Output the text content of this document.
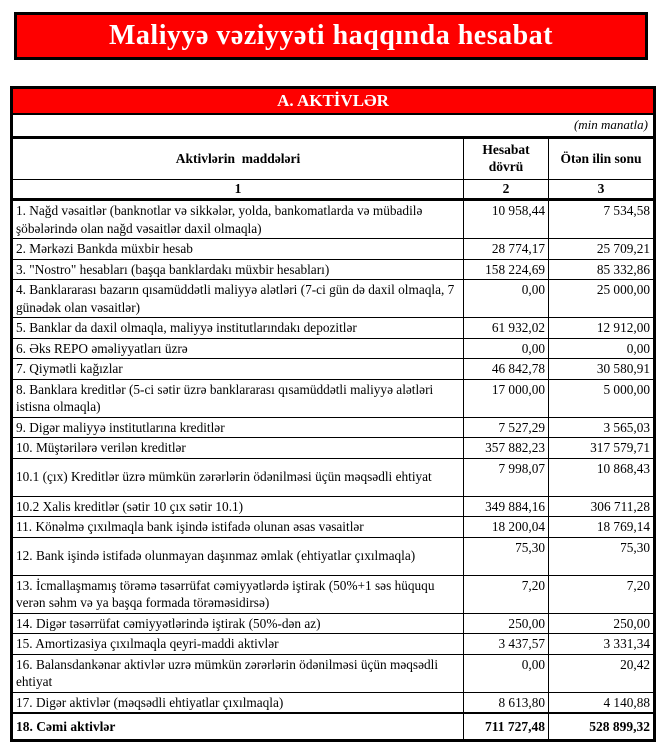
Maliyyə vəziyyəti haqqında hesabat
A. AKTİVLƏR		
(min manatla)		
Aktivlərin  maddələri	Hesabat dövrü	Ötən ilin sonu
1	2	3
1. Nağd vəsaitlər (banknotlar və sikkələr, yolda, bankomatlarda və mübadilə şöbələrində olan nağd vəsaitlər daxil olmaqla)	10 958,44	7 534,58
2. Mərkəzi Bankda müxbir hesab	28 774,17	25 709,21
3. "Nostro" hesabları (başqa banklardakı müxbir hesabları)	158 224,69	85 332,86
4. Banklararası bazarın qısamüddətli maliyyə alətləri (7-ci gün də daxil olmaqla, 7 günədək olan vəsaitlər)	0,00	25 000,00
5. Banklar da daxil olmaqla, maliyyə institutlarındakı depozitlər	61 932,02	12 912,00
6. Əks REPO əməliyyatları üzrə	0,00	0,00
7. Qiymətli kağızlar	46 842,78	30 580,91
8. Banklara kreditlər (5-ci sətir üzrə banklararası qısamüddətli maliyyə alətləri istisna olmaqla)	17 000,00	5 000,00
9. Digər maliyyə institutlarına kreditlər	7 527,29	3 565,03
10. Müştərilərə verilən kreditlər	357 882,23	317 579,71
10.1 (çıx) Kreditlər üzrə mümkün zərərlərin ödənilməsi üçün məqsədli ehtiyat	7 998,07	10 868,43
10.2 Xalis kreditlər (sətir 10 çıx sətir 10.1)	349 884,16	306 711,28
11. Könəlmə çıxılmaqla bank işində istifadə olunan əsas vəsaitlər	18 200,04	18 769,14
12. Bank işində istifadə olunmayan daşınmaz əmlak (ehtiyatlar çıxılmaqla)	75,30	75,30
13. İcmallaşmamış törəmə təsərrüfat cəmiyyətlərdə iştirak (50%+1 səs hüququ verən səhm və ya başqa formada törəməsidirsə)	7,20	7,20
14. Digər təsərrüfat cəmiyyətlərində iştirak (50%-dən az)	250,00	250,00
15. Amortizasiya çıxılmaqla qeyri-maddi aktivlər	3 437,57	3 331,34
16. Balansdankənar aktivlər uzrə mümkün zərərlərin ödənilməsi üçün məqsədli ehtiyat	0,00	20,42
17. Digər aktivlər (məqsədli ehtiyatlar çıxılmaqla)	8 613,80	4 140,88
18. Cəmi aktivlər	711 727,48	528 899,32
